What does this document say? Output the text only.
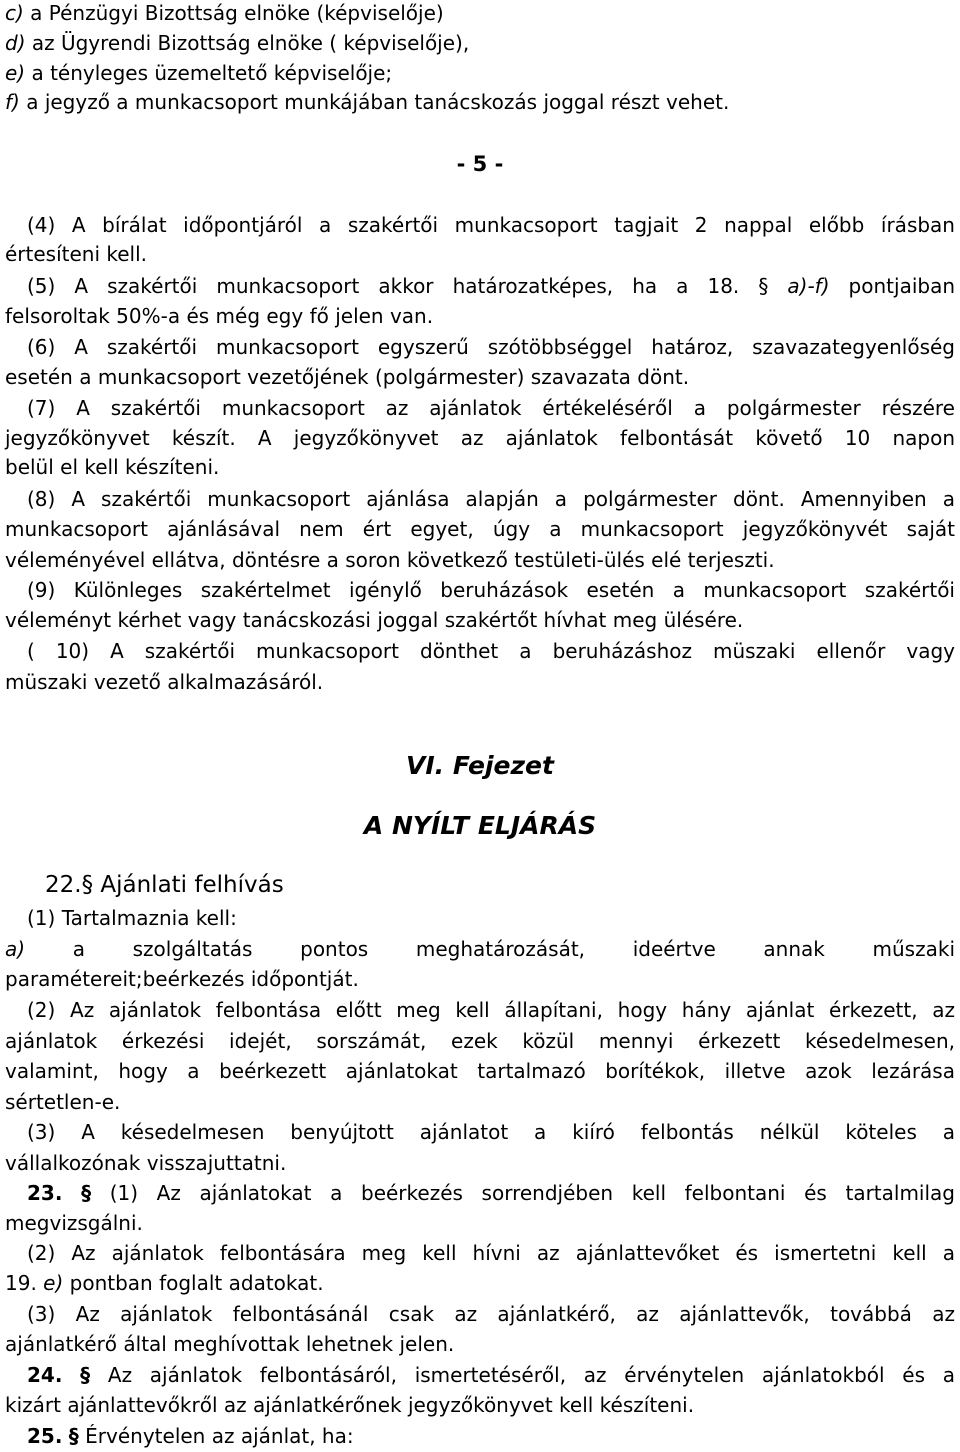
c) a Pénzügyi Bizottság elnöke (képviselője)
d) az Ügyrendi Bizottság elnöke ( képviselője),
e) a tényleges üzemeltető képviselője;
f) a jegyző a munkacsoport munkájában tanácskozás joggal részt vehet.
- 5 -
(4) A bírálat időpontjáról a szakértői munkacsoport tagjait 2 nappal előbb írásban
értesíteni kell.
(5) A szakértői munkacsoport akkor határozatképes, ha a 18. § a)-f) pontjaiban
felsoroltak 50%-a és még egy fő jelen van.
(6) A szakértői munkacsoport egyszerű szótöbbséggel határoz, szavazategyenlőség
esetén a munkacsoport vezetőjének (polgármester) szavazata dönt.
(7) A szakértői munkacsoport az ajánlatok értékeléséről a polgármester részére
jegyzőkönyvet készít. A jegyzőkönyvet az ajánlatok felbontását követő 10 napon
belül el kell készíteni.
(8) A szakértői munkacsoport ajánlása alapján a polgármester dönt. Amennyiben a
munkacsoport ajánlásával nem ért egyet, úgy a munkacsoport jegyzőkönyvét saját
véleményével ellátva, döntésre a soron következő testületi-ülés elé terjeszti.
(9) Különleges szakértelmet igénylő beruházások esetén a munkacsoport szakértői
véleményt kérhet vagy tanácskozási joggal szakértőt hívhat meg ülésére.
( 10) A szakértői munkacsoport dönthet a beruházáshoz müszaki ellenőr vagy
müszaki vezető alkalmazásáról.
VI. Fejezet
A NYÍLT ELJÁRÁS
22.§ Ajánlati felhívás
(1) Tartalmaznia kell:
a) a szolgáltatás pontos meghatározását, ideértve annak műszaki
paramétereit;beérkezés időpontját.
(2) Az ajánlatok felbontása előtt meg kell állapítani, hogy hány ajánlat érkezett, az
ajánlatok érkezési idejét, sorszámát, ezek közül mennyi érkezett késedelmesen,
valamint, hogy a beérkezett ajánlatokat tartalmazó borítékok, illetve azok lezárása
sértetlen-e.
(3) A késedelmesen benyújtott ajánlatot a kiíró felbontás nélkül köteles a
vállalkozónak visszajuttatni.
23. § (1) Az ajánlatokat a beérkezés sorrendjében kell felbontani és tartalmilag
megvizsgálni.
(2) Az ajánlatok felbontására meg kell hívni az ajánlattevőket és ismertetni kell a
19. e) pontban foglalt adatokat.
(3) Az ajánlatok felbontásánál csak az ajánlatkérő, az ajánlattevők, továbbá az
ajánlatkérő által meghívottak lehetnek jelen.
24. § Az ajánlatok felbontásáról, ismertetéséről, az érvénytelen ajánlatokból és a
kizárt ajánlattevőkről az ajánlatkérőnek jegyzőkönyvet kell készíteni.
25. § Érvénytelen az ajánlat, ha:
